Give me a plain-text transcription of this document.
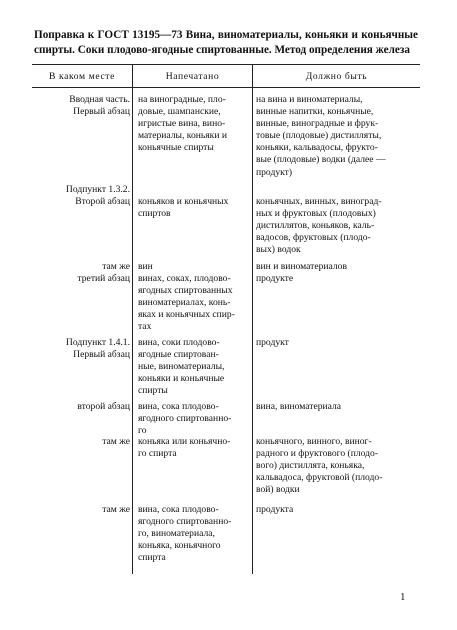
Поправка к ГОСТ 13195—73 Вина, виноматериалы, коньяки и коньячные спирты. Соки плодово-ягодные спиртованные. Метод определения железа
В каком месте	Напечатано	Должно быть
Вводная часть.
Первый абзац
на виноградные, пло-
довые, шампанские,
игристые вина, вино-
материалы, коньяки и
коньячные спирты
на вина и виноматериалы,
винные напитки, коньячные,
винные, виноградные и фрук-
товые (плодовые) дистилляты,
коньяки, кальвадосы, фрукто-
вые (плодовые) водки (далее —
продукт)
Подпункт 1.3.2.
Второй абзац коньяков и коньячных
спиртов
коньячных, винных, виноград-
ных и фруктовых (плодовых)
дистиллятов, коньяков, каль-
вадосов, фруктовых (плодо-
вых) водок
там же
третий абзац
вин
винах, соках, плодово-
ягодных спиртованных
виноматериалах, конь-
яках и коньячных спир-
тах
вин и виноматериалов
продукте
Подпункт 1.4.1.
Первый абзац
вина, соки плодово-
ягодные спиртован-
ные, виноматериалы,
коньяки и коньячные
спирты
продукт
второй абзац вина, сока плодово-
ягодного спиртованно-
го
вина, виноматериала
там же коньяка или коньячно-
го спирта
коньячного, винного, виног-
радного и фруктового (плодо-
вого) дистиллята, коньяка,
кальвадоса, фруктовой (плодо-
вой) водки
там же вина, сока плодово-
ягодного спиртованно-
го, виноматериала,
коньяка, коньячного
спирта
продукта
1
